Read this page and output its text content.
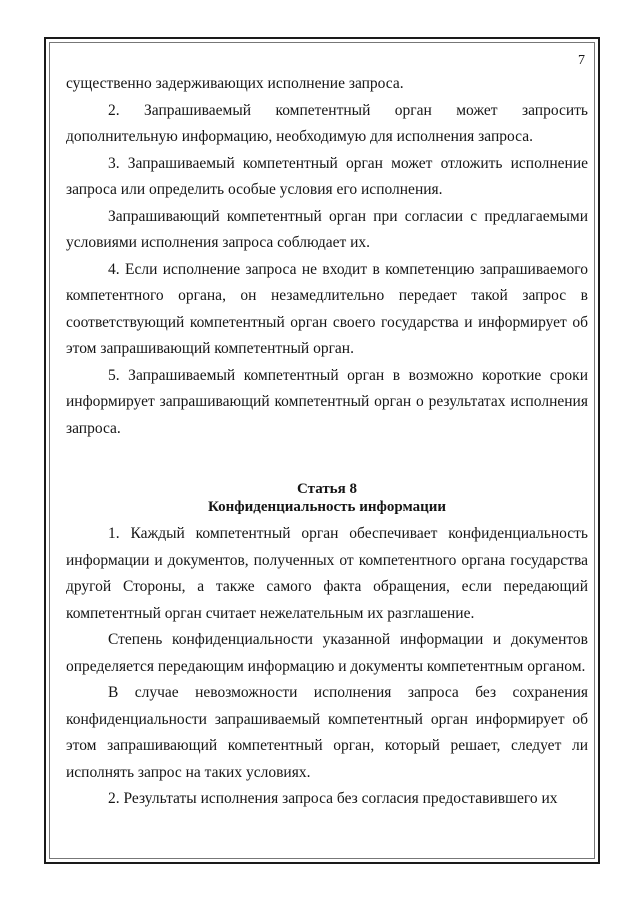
7

существенно задерживающих исполнение запроса.

2. Запрашиваемый компетентный орган может запросить дополнительную информацию, необходимую для исполнения запроса.

3. Запрашиваемый компетентный орган может отложить исполнение запроса или определить особые условия его исполнения.

Запрашивающий компетентный орган при согласии с предлагаемыми условиями исполнения запроса соблюдает их.

4. Если исполнение запроса не входит в компетенцию запрашиваемого компетентного органа, он незамедлительно передает такой запрос в соответствующий компетентный орган своего государства и информирует об этом запрашивающий компетентный орган.

5. Запрашиваемый компетентный орган в возможно короткие сроки информирует запрашивающий компетентный орган о результатах исполнения запроса.

Статья 8
Конфиденциальность информации

1. Каждый компетентный орган обеспечивает конфиденциальность информации и документов, полученных от компетентного органа государства другой Стороны, а также самого факта обращения, если передающий компетентный орган считает нежелательным их разглашение.

Степень конфиденциальности указанной информации и документов определяется передающим информацию и документы компетентным органом.

В случае невозможности исполнения запроса без сохранения конфиденциальности запрашиваемый компетентный орган информирует об этом запрашивающий компетентный орган, который решает, следует ли исполнять запрос на таких условиях.

2. Результаты исполнения запроса без согласия предоставившего их
